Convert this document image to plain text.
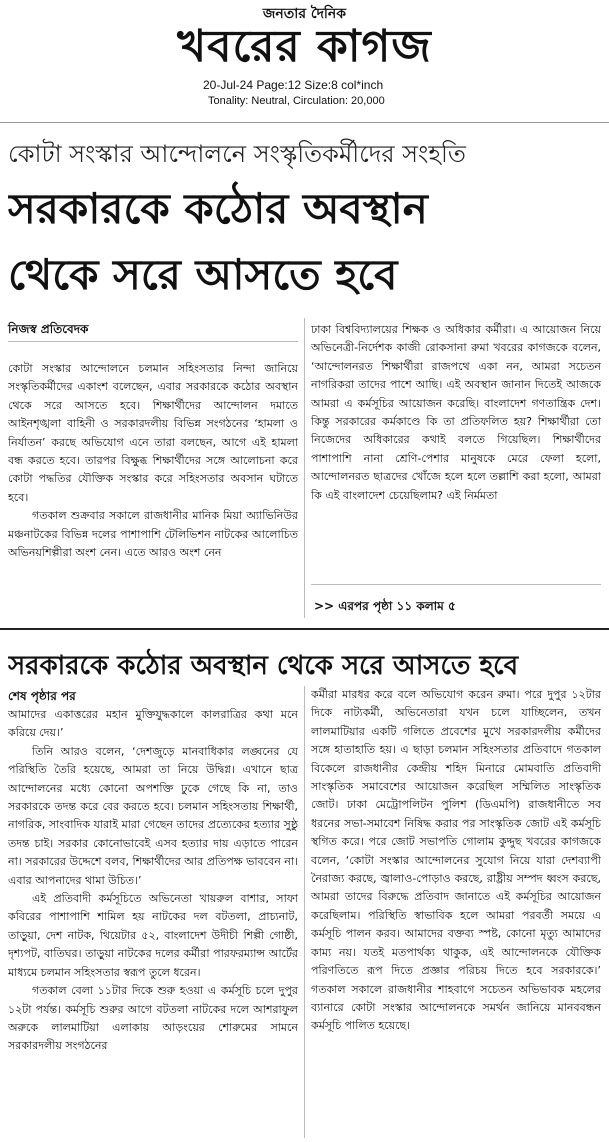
জনতার দৈনিক
খবরের কাগজ
20-Jul-24 Page:12 Size:8 col*inch
Tonality: Neutral, Circulation: 20,000
কোটা সংস্কার আন্দোলনে সংস্কৃতিকর্মীদের সংহতি
সরকারকে কঠোর অবস্থান
থেকে সরে আসতে হবে
নিজস্ব প্রতিবেদক

কোটা সংস্কার আন্দোলনে চলমান সহিংসতার নিন্দা জানিয়ে সংস্কৃতিকর্মীদের একাংশ বলেছেন, এবার সরকারকে কঠোর অবস্থান থেকে সরে আসতে হবে। শিক্ষার্থীদের আন্দোলন দমাতে আইনশৃঙ্খলা বাহিনী ও সরকারদলীয় বিভিন্ন সংগঠনের ‘হামলা ও নির্যাতন’ করছে অভিযোগ এনে তারা বলছেন, আগে এই হামলা বন্ধ করতে হবে। তারপর বিক্ষুব্ধ শিক্ষার্থীদের সঙ্গে আলোচনা করে কোটা পদ্ধতির যৌক্তিক সংস্কার করে সহিংসতার অবসান ঘটাতে হবে।

গতকাল শুক্রবার সকালে রাজধানীর মানিক মিয়া অ্যাভিনিউর মঞ্চনাটকের বিভিন্ন দলের পাশাপাশি টেলিভিশন নাটকের আলোচিত অভিনয়শিল্পীরা অংশ নেন। এতে আরও অংশ নেন

ঢাকা বিশ্ববিদ্যালয়ের শিক্ষক ও অধিকার কর্মীরা। এ আয়োজন নিয়ে অভিনেত্রী-নির্দেশক কাজী রোকসানা রুমা খবরের কাগজকে বলেন, ‘আন্দোলনরত শিক্ষার্থীরা রাজপথে একা নন, আমরা সচেতন নাগরিকরা তাদের পাশে আছি। এই অবস্থান জানান দিতেই আজকে আমরা এ কর্মসূচির আয়োজন করেছি। বাংলাদেশ গণতান্ত্রিক দেশ। কিন্তু সরকারের কর্মকাণ্ডে কি তা প্রতিফলিত হয়? শিক্ষার্থীরা তো নিজেদের অধিকারের কথাই বলতে গিয়েছিল। শিক্ষার্থীদের পাশাপাশি নানা শ্রেণি-পেশার মানুষকে মেরে ফেলা হলো, আন্দোলনরত ছাত্রদের খোঁজে হলে হলে তল্লাশি করা হলো, আমরা কি এই বাংলাদেশ চেয়েছিলাম? এই নির্মমতা

>> এরপর পৃষ্ঠা ১১ কলাম ৫
সরকারকে কঠোর অবস্থান থেকে সরে আসতে হবে
শেষ পৃষ্ঠার পর

আমাদের একাত্তরের মহান মুক্তিযুদ্ধকালে কালরাত্রির কথা মনে করিয়ে দেয়।’

তিনি আরও বলেন, ‘দেশজুড়ে মানবাধিকার লঙ্ঘনের যে পরিস্থিতি তৈরি হয়েছে, আমরা তা নিয়ে উদ্বিগ্ন। এখানে ছাত্র আন্দোলনের মধ্যে কোনো অপশক্তি ঢুকে গেছে কি না, তাও সরকারকে তদন্ত করে বের করতে হবে। চলমান সহিংসতায় শিক্ষার্থী, নাগরিক, সাংবাদিক যারাই মারা গেছেন তাদের প্রত্যেকের হত্যার সুষ্ঠু তদন্ত চাই। সরকার কোনোভাবেই এসব হত্যার দায় এড়াতে পারেন না। সরকারের উদ্দেশে বলব, শিক্ষার্থীদের আর প্রতিপক্ষ ভাববেন না। এবার আপনাদের থামা উচিত।’

এই প্রতিবাদী কর্মসূচিতে অভিনেতা খায়রুল বাশার, সাফা কবিরের পাশাপাশি শামিল হয় নাটকের দল বটতলা, প্রাচ্যনাট, তাড়ুয়া, দেশ নাটক, থিয়েটার ৫২, বাংলাদেশ উদীচী শিল্পী গোষ্ঠী, দৃশ্যপট, বাতিঘর। তাড়ুয়া নাটকের দলের কর্মীরা পারফরম্যান্স আর্টের মাধ্যমে চলমান সহিংসতার স্বরূপ তুলে ধরেন।

গতকাল বেলা ১১টার দিকে শুরু হওয়া এ কর্মসূচি চলে দুপুর ১২টা পর্যন্ত। কর্মসূচি শুরুর আগে বটতলা নাটকের দলে আশরাফুল অরুকে লালমাটিয়া এলাকায় আড়ংয়ের শোরুমের সামনে সরকারদলীয় সংগঠনের

কর্মীরা মারধর করে বলে অভিযোগ করেন রুমা। পরে দুপুর ১২টার দিকে নাট্যকর্মী, অভিনেতারা যখন চলে যাচ্ছিলেন, তখন লালমাটিয়ার একটি গলিতে প্রবেশের মুখে সরকারদলীয় কর্মীদের সঙ্গে হাতাহাতি হয়। এ ছাড়া চলমান সহিংসতার প্রতিবাদে গতকাল বিকেলে রাজধানীর কেন্দ্রীয় শহিদ মিনারে মোমবাতি প্রতিবাদী সাংস্কৃতিক সমাবেশের আয়োজন করেছিল সম্মিলিত সাংস্কৃতিক জোট। ঢাকা মেট্রোপলিটন পুলিশ (ডিএমপি) রাজধানীতে সব ধরনের সভা-সমাবেশ নিষিদ্ধ করার পর সাংস্কৃতিক জোট এই কর্মসূচি স্থগিত করে। পরে জোট সভাপতি গোলাম কুদ্দুছ খবরের কাগজকে বলেন, ‘কোটা সংস্কার আন্দোলনের সুযোগ নিয়ে যারা দেশব্যাপী নৈরাজ্য করছে, জ্বালাও-পোড়াও করছে, রাষ্ট্রীয় সম্পদ ধ্বংস করছে, আমরা তাদের বিরুদ্ধে প্রতিবাদ জানাতে এই কর্মসূচির আয়োজন করেছিলাম। পরিস্থিতি স্বাভাবিক হলে আমরা পরবর্তী সময়ে এ কর্মসূচি পালন করব। আমাদের বক্তব্য স্পষ্ট, কোনো মৃত্যু আমাদের কাম্য নয়। যতই মতপার্থক্য থাকুক, এই আন্দোলনকে যৌক্তিক পরিণতিতে রূপ দিতে প্রজ্ঞার পরিচয় দিতে হবে সরকারকে।’ গতকাল সকালে রাজধানীর শাহবাগে সচেতন অভিভাবক মহলের ব্যানারে কোটা সংস্কার আন্দোলনকে সমর্থন জানিয়ে মানববন্ধন কর্মসূচি পালিত হয়েছে।
